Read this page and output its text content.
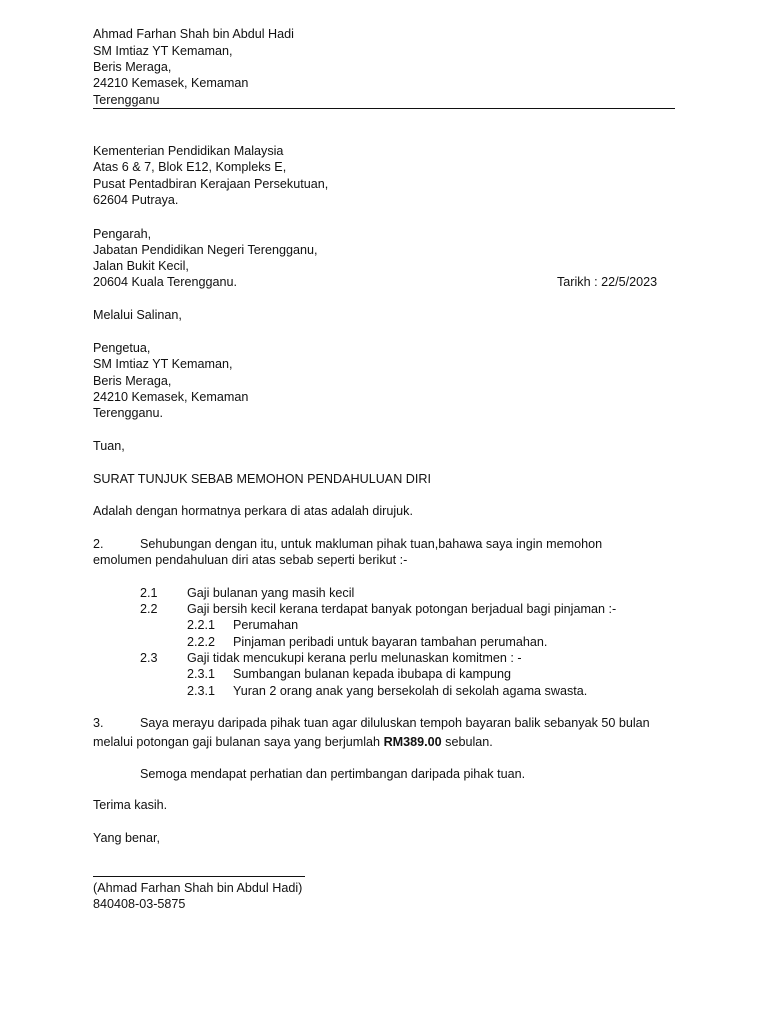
Ahmad Farhan Shah bin Abdul Hadi
SM Imtiaz YT Kemaman,
Beris Meraga,
24210 Kemasek, Kemaman
Terengganu
Kementerian Pendidikan Malaysia
Atas 6 & 7, Blok E12, Kompleks E,
Pusat Pentadbiran Kerajaan Persekutuan,
62604 Putraya.
Pengarah,
Jabatan Pendidikan Negeri Terengganu,
Jalan Bukit Kecil,
20604 Kuala Terengganu.	Tarikh : 22/5/2023
Melalui Salinan,
Pengetua,
SM Imtiaz YT Kemaman,
Beris Meraga,
24210 Kemasek, Kemaman
Terengganu.
Tuan,
SURAT TUNJUK SEBAB MEMOHON PENDAHULUAN DIRI
Adalah dengan hormatnya perkara di atas adalah dirujuk.
2.	Sehubungan dengan itu, untuk makluman pihak tuan,bahawa saya ingin memohon
emolumen pendahuluan diri atas sebab seperti berikut :-
2.1 Gaji bulanan yang masih kecil
2.2 Gaji bersih kecil kerana terdapat banyak potongan berjadual bagi pinjaman :-
2.2.1 Perumahan
2.2.2 Pinjaman peribadi untuk bayaran tambahan perumahan.
2.3 Gaji tidak mencukupi kerana perlu melunaskan komitmen : -
2.3.1 Sumbangan bulanan kepada ibubapa di kampung
2.3.1 Yuran 2 orang anak yang bersekolah di sekolah agama swasta.
3.	Saya merayu daripada pihak tuan agar diluluskan tempoh bayaran balik sebanyak 50 bulan
melalui potongan gaji bulanan saya yang berjumlah RM389.00 sebulan.
Semoga mendapat perhatian dan pertimbangan daripada pihak tuan.
Terima kasih.
Yang benar,
(Ahmad Farhan Shah bin Abdul Hadi)
840408-03-5875
